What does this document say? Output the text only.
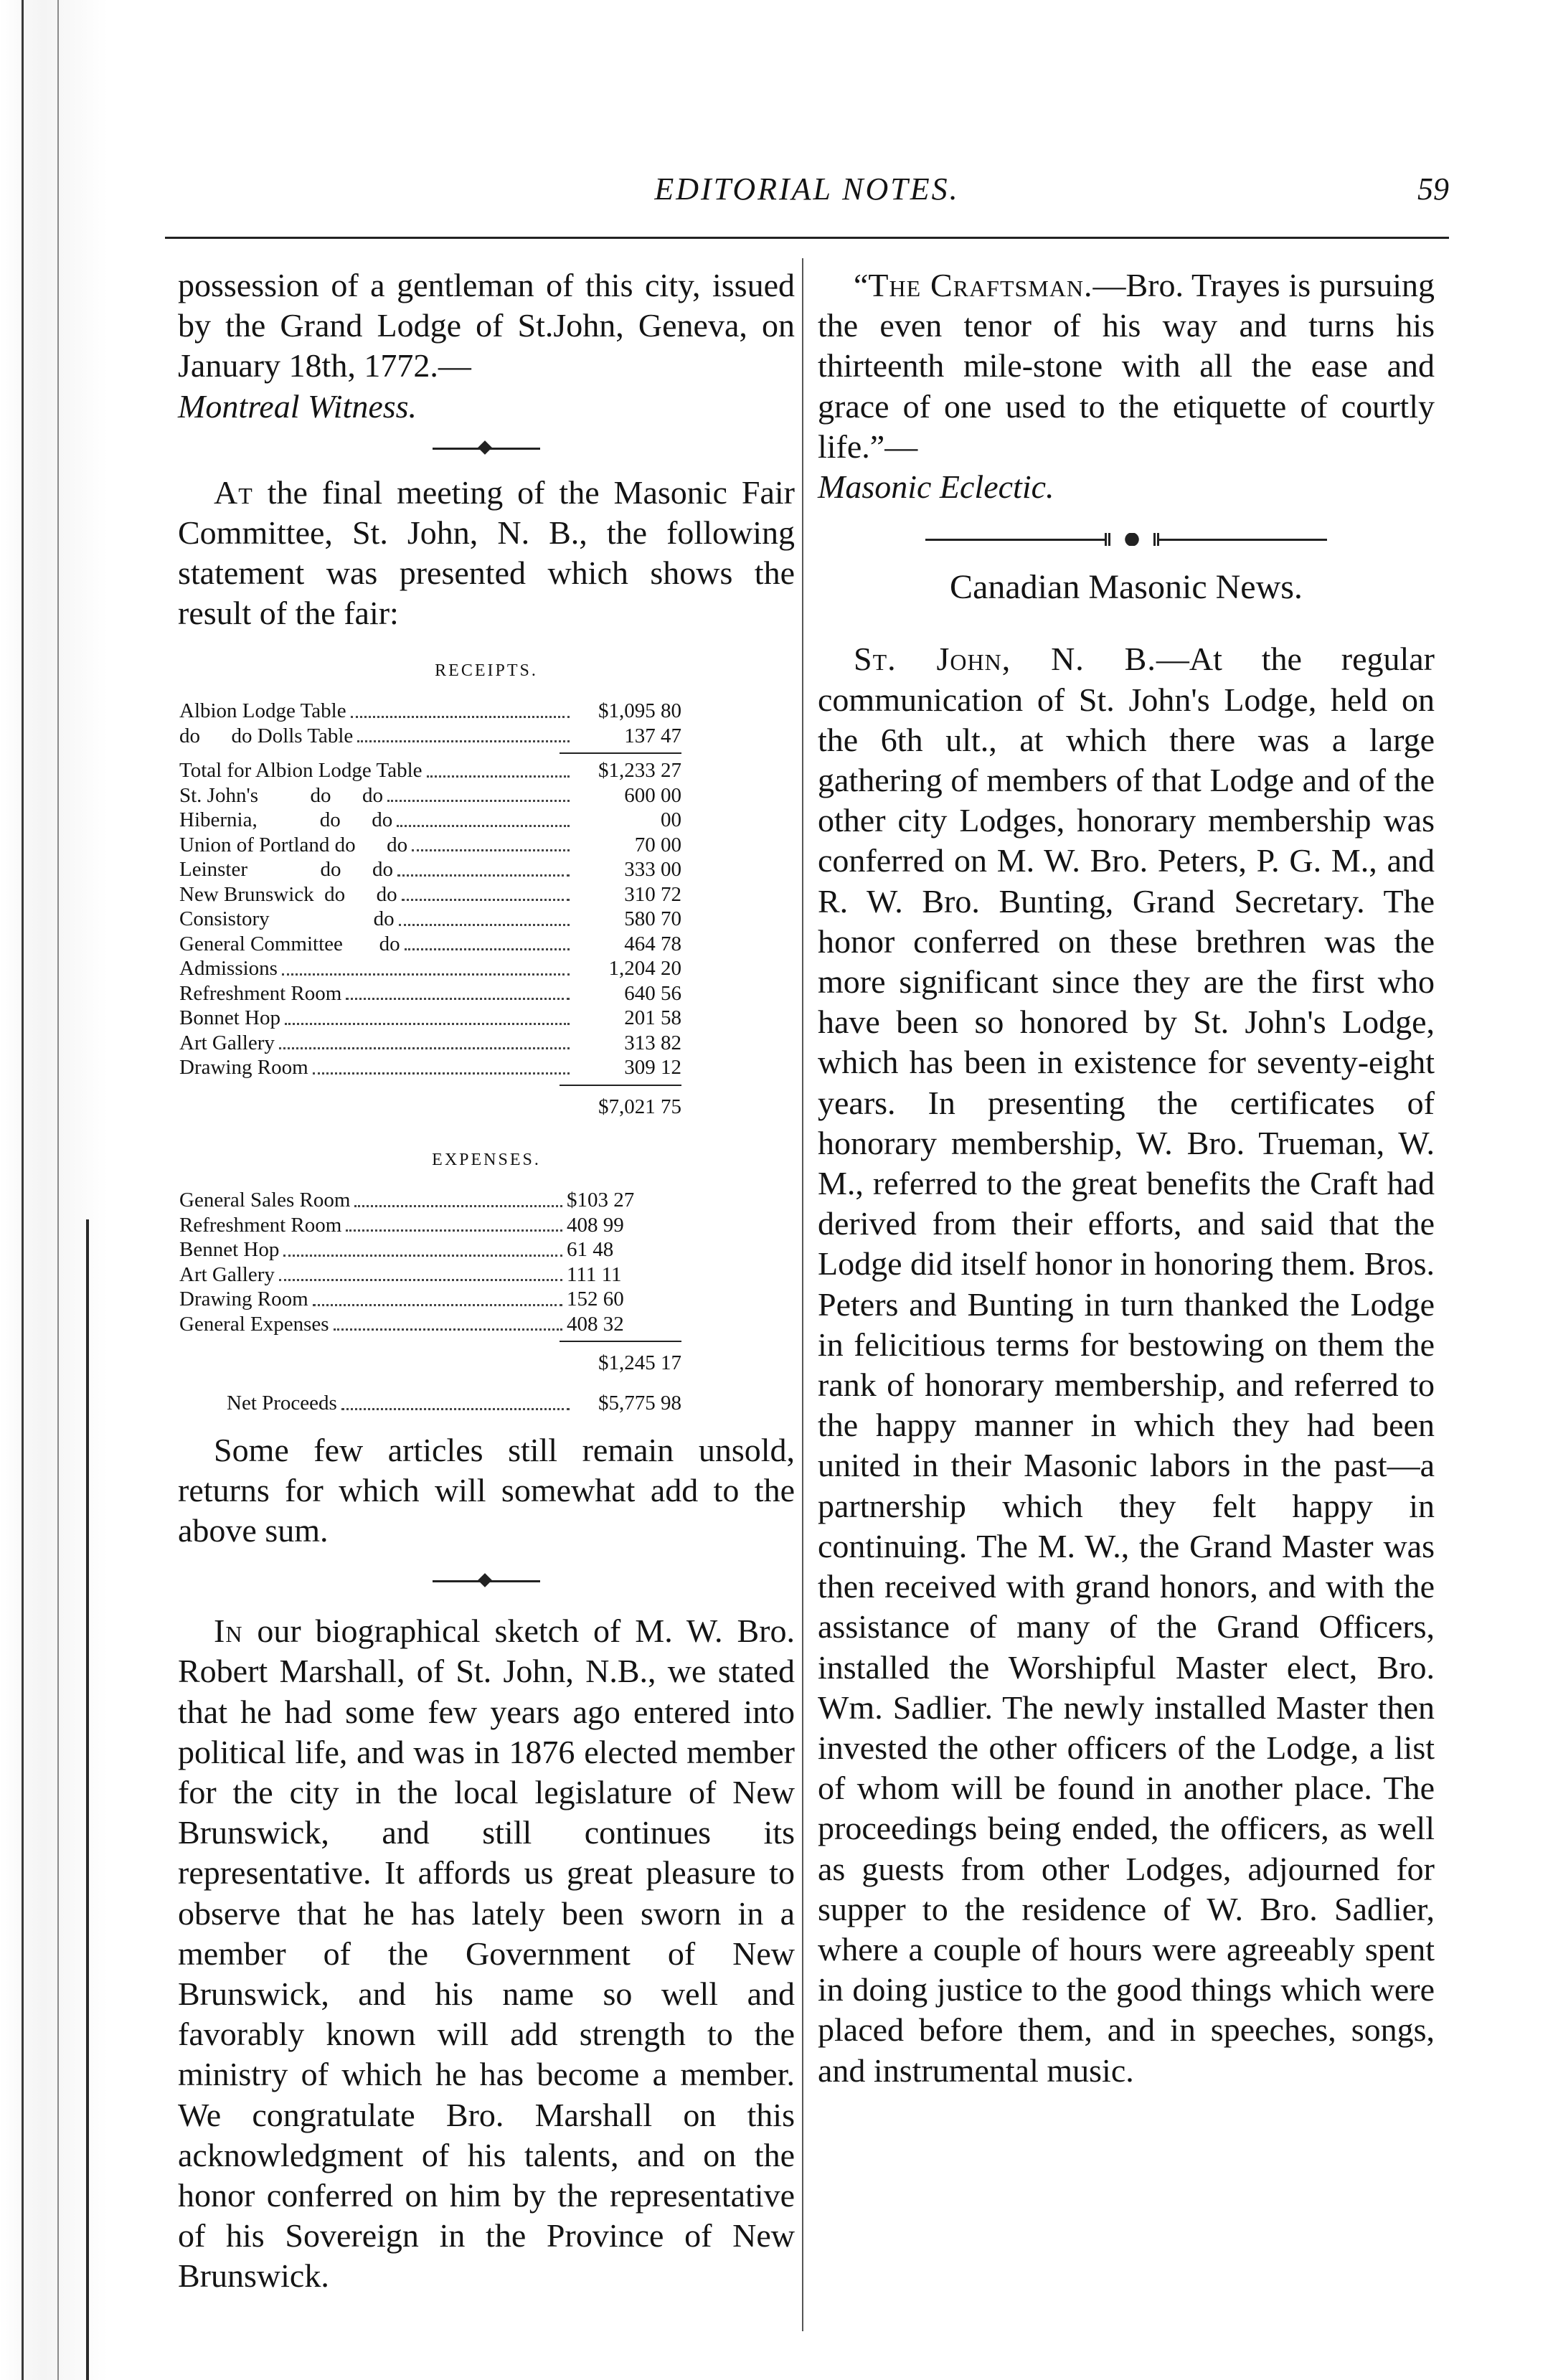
EDITORIAL NOTES.	59

possession of a gentleman of this city, issued by the Grand Lodge of St.John, Geneva, on January 18th, 1772.—

Montreal Witness.

At the final meeting of the Masonic Fair Committee, St. John, N. B., the following statement was presented which shows the result of the fair:

RECEIPTS.
Albion Lodge Table	$1,095 80
do      do Dolls Table	137 47
Total for Albion Lodge Table	$1,233 27
St. John's          do      do	600 00
Hibernia,            do      do	00
Union of Portland do      do	70 00
Leinster              do      do	333 00
New Brunswick  do      do	310 72
Consistory                    do	580 70
General Committee       do	464 78
Admissions	1,204 20
Refreshment Room	640 56
Bonnet Hop	201 58
Art Gallery	313 82
Drawing Room	309 12
$7,021 75
EXPENSES.
General Sales Room	$103 27
Refreshment Room	408 99
Bennet Hop	61 48
Art Gallery	111 11
Drawing Room	152 60
General Expenses	408 32
$1,245 17
Net Proceeds	$5,775 98

Some few articles still remain unsold, returns for which will somewhat add to the above sum.

In our biographical sketch of M. W. Bro. Robert Marshall, of St. John, N.B., we stated that he had some few years ago entered into political life, and was in 1876 elected member for the city in the local legislature of New Brunswick, and still continues its representative. It affords us great pleasure to observe that he has lately been sworn in a member of the Government of New Brunswick, and his name so well and favorably known will add strength to the ministry of which he has become a member. We congratulate Bro. Marshall on this acknowledgment of his talents, and on the honor conferred on him by the representative of his Sovereign in the Province of New Brunswick.

“The Craftsman.—Bro. Trayes is pursuing the even tenor of his way and turns his thirteenth mile-stone with all the ease and grace of one used to the etiquette of courtly life.”—

Masonic Eclectic.

Canadian Masonic News.

St. John, N. B.—At the regular communication of St. John's Lodge, held on the 6th ult., at which there was a large gathering of members of that Lodge and of the other city Lodges, honorary membership was conferred on M. W. Bro. Peters, P. G. M., and R. W. Bro. Bunting, Grand Secretary. The honor conferred on these brethren was the more significant since they are the first who have been so honored by St. John's Lodge, which has been in existence for seventy-eight years. In presenting the certificates of honorary membership, W. Bro. Trueman, W. M., referred to the great benefits the Craft had derived from their efforts, and said that the Lodge did itself honor in honoring them. Bros. Peters and Bunting in turn thanked the Lodge in felicitious terms for bestowing on them the rank of honorary membership, and referred to the happy manner in which they had been united in their Masonic labors in the past—a partnership which they felt happy in continuing. The M. W., the Grand Master was then received with grand honors, and with the assistance of many of the Grand Officers, installed the Worshipful Master elect, Bro. Wm. Sadlier. The newly installed Master then invested the other officers of the Lodge, a list of whom will be found in another place. The proceedings being ended, the officers, as well as guests from other Lodges, adjourned for supper to the residence of W. Bro. Sadlier, where a couple of hours were agreeably spent in doing justice to the good things which were placed before them, and in speeches, songs, and instrumental music.
